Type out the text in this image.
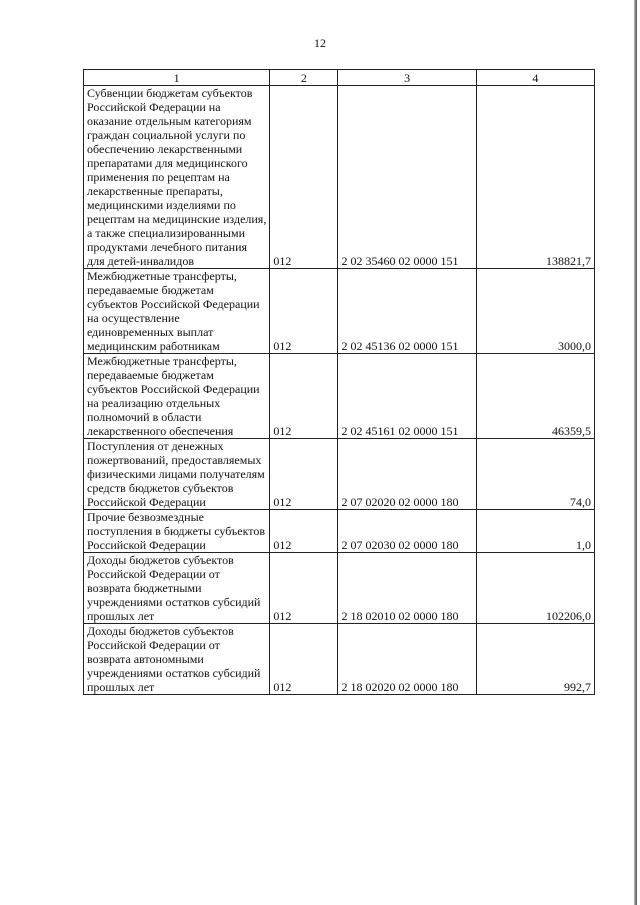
12
1	2	3	4
Субвенции бюджетам субъектов Российской Федерации на оказание отдельным категориям граждан социальной услуги по обеспечению лекарственными препаратами для медицинского применения по рецептам на лекарственные препараты, медицинскими изделиями по рецептам на медицинские изделия, а также специализированными продуктами лечебного питания для детей-инвалидов	012	2 02 35460 02 0000 151	138821,7
Межбюджетные трансферты, передаваемые бюджетам субъектов Российской Федерации на осуществление единовременных выплат медицинским работникам	012	2 02 45136 02 0000 151	3000,0
Межбюджетные трансферты, передаваемые бюджетам субъектов Российской Федерации на реализацию отдельных полномочий в области лекарственного обеспечения	012	2 02 45161 02 0000 151	46359,5
Поступления от денежных пожертвований, предоставляемых физическими лицами получателям средств бюджетов субъектов Российской Федерации	012	2 07 02020 02 0000 180	74,0
Прочие безвозмездные поступления в бюджеты субъектов Российской Федерации	012	2 07 02030 02 0000 180	1,0
Доходы бюджетов субъектов Российской Федерации от возврата бюджетными учреждениями остатков субсидий прошлых лет	012	2 18 02010 02 0000 180	102206,0
Доходы бюджетов субъектов Российской Федерации от возврата автономными учреждениями остатков субсидий прошлых лет	012	2 18 02020 02 0000 180	992,7
